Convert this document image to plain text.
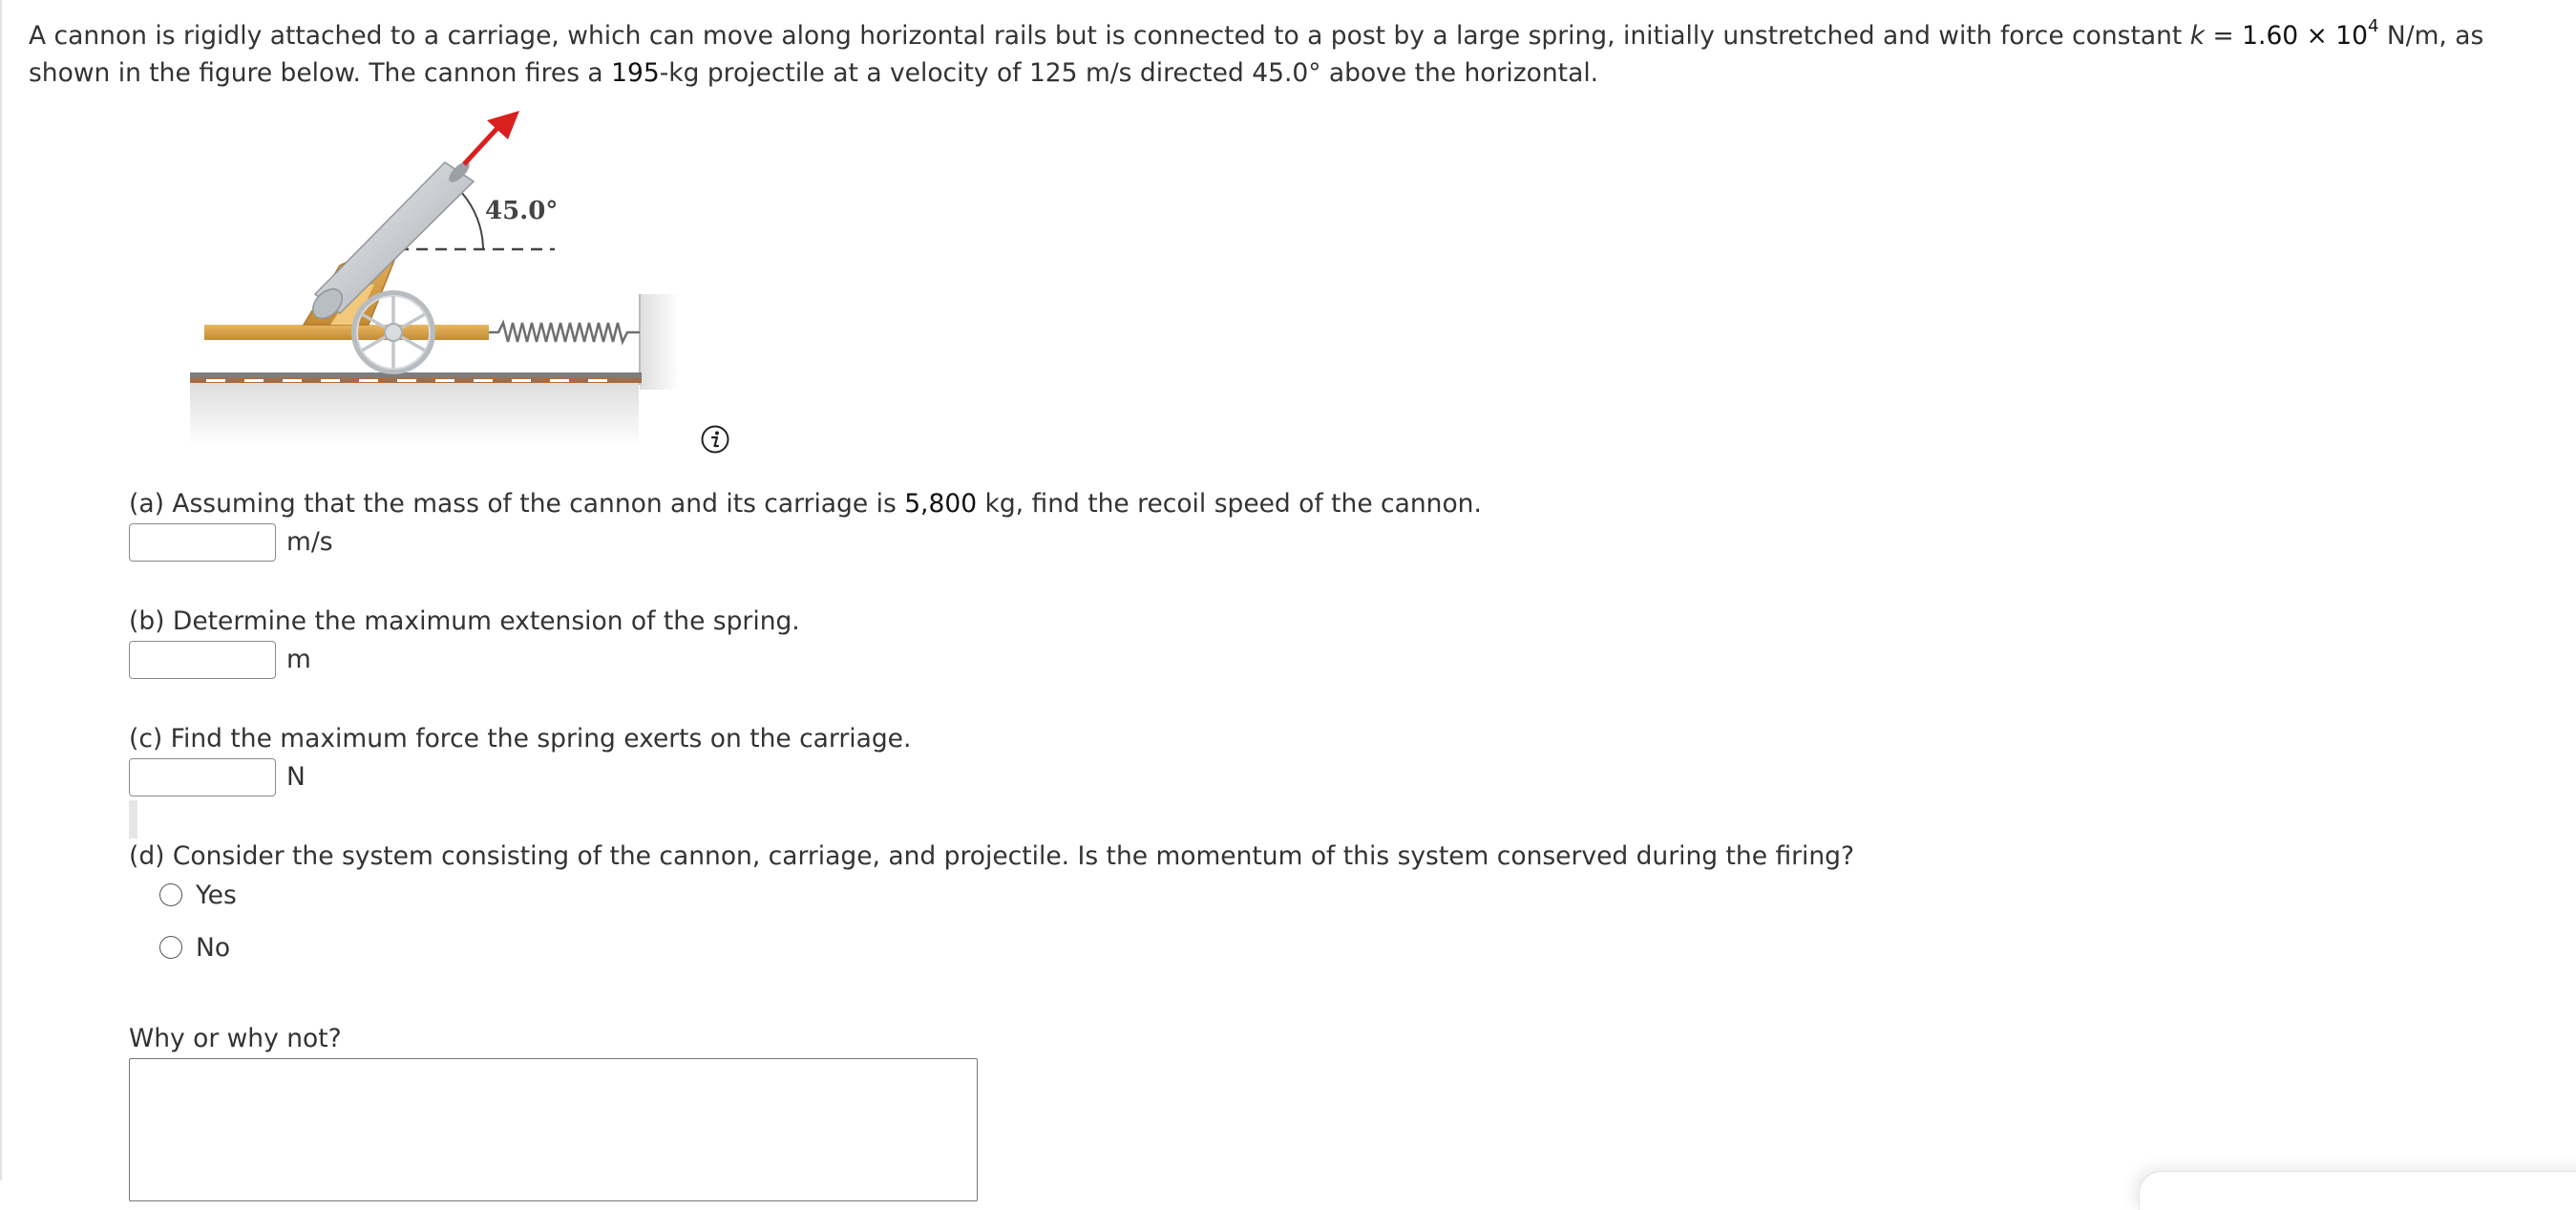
A cannon is rigidly attached to a carriage, which can move along horizontal rails but is connected to a post by a large spring, initially unstretched and with force constant $k = 1.60 \times 10^4$ N/m, as shown in the figure below. The cannon fires a 195-kg projectile at a velocity of 125 m/s directed 45.0° above the horizontal.
45.0°
(a) Assuming that the mass of the cannon and its carriage is 5,800 kg, find the recoil speed of the cannon.
m/s
(b) Determine the maximum extension of the spring.
m
(c) Find the maximum force the spring exerts on the carriage.
N
(d) Consider the system consisting of the cannon, carriage, and projectile. Is the momentum of this system conserved during the firing?
Yes
No
Why or why not?
